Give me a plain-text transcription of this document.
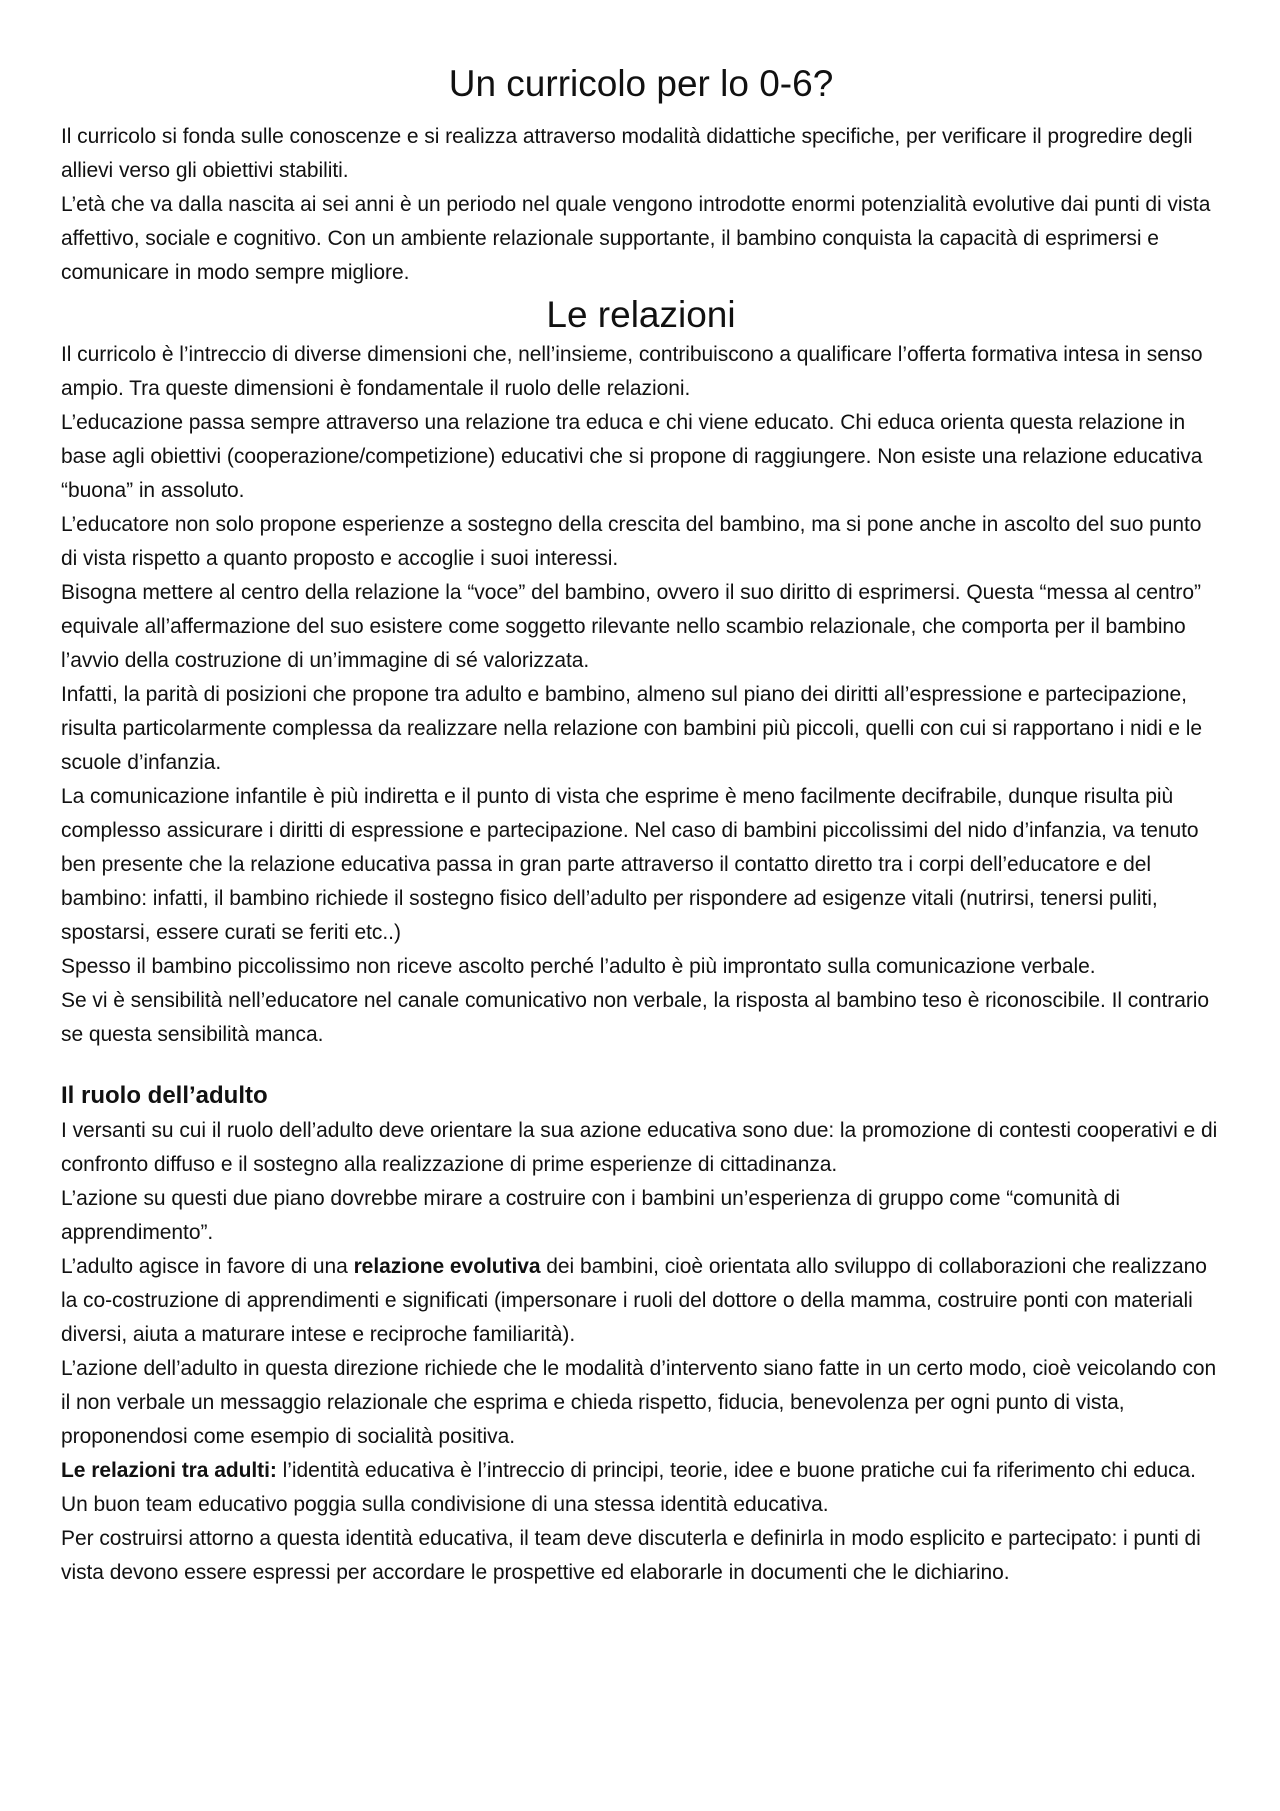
Un curricolo per lo 0-6?

Il curricolo si fonda sulle conoscenze e si realizza attraverso modalità didattiche specifiche, per verificare il progredire degli allievi verso gli obiettivi stabiliti.

L’età che va dalla nascita ai sei anni è un periodo nel quale vengono introdotte enormi potenzialità evolutive dai punti di vista affettivo, sociale e cognitivo. Con un ambiente relazionale supportante, il bambino conquista la capacità di esprimersi e comunicare in modo sempre migliore.

Le relazioni

Il curricolo è l’intreccio di diverse dimensioni che, nell’insieme, contribuiscono a qualificare l’offerta formativa intesa in senso ampio. Tra queste dimensioni è fondamentale il ruolo delle relazioni.

L’educazione passa sempre attraverso una relazione tra educa e chi viene educato. Chi educa orienta questa relazione in base agli obiettivi (cooperazione/competizione) educativi che si propone di raggiungere. Non esiste una relazione educativa “buona” in assoluto.

L’educatore non solo propone esperienze a sostegno della crescita del bambino, ma si pone anche in ascolto del suo punto di vista rispetto a quanto proposto e accoglie i suoi interessi.

Bisogna mettere al centro della relazione la “voce” del bambino, ovvero il suo diritto di esprimersi. Questa “messa al centro” equivale all’affermazione del suo esistere come soggetto rilevante nello scambio relazionale, che comporta per il bambino l’avvio della costruzione di un’immagine di sé valorizzata.

Infatti, la parità di posizioni che propone tra adulto e bambino, almeno sul piano dei diritti all’espressione e partecipazione, risulta particolarmente complessa da realizzare nella relazione con bambini più piccoli, quelli con cui si rapportano i nidi e le scuole d’infanzia.

La comunicazione infantile è più indiretta e il punto di vista che esprime è meno facilmente decifrabile, dunque risulta più complesso assicurare i diritti di espressione e partecipazione. Nel caso di bambini piccolissimi del nido d’infanzia, va tenuto ben presente che la relazione educativa passa in gran parte attraverso il contatto diretto tra i corpi dell’educatore e del bambino: infatti, il bambino richiede il sostegno fisico dell’adulto per rispondere ad esigenze vitali (nutrirsi, tenersi puliti, spostarsi, essere curati se feriti etc..)

Spesso il bambino piccolissimo non riceve ascolto perché l’adulto è più improntato sulla comunicazione verbale.

Se vi è sensibilità nell’educatore nel canale comunicativo non verbale, la risposta al bambino teso è riconoscibile. Il contrario se questa sensibilità manca.

Il ruolo dell’adulto

I versanti su cui il ruolo dell’adulto deve orientare la sua azione educativa sono due: la promozione di contesti cooperativi e di confronto diffuso e il sostegno alla realizzazione di prime esperienze di cittadinanza.

L’azione su questi due piano dovrebbe mirare a costruire con i bambini un’esperienza di gruppo come “comunità di apprendimento”.

L’adulto agisce in favore di una relazione evolutiva dei bambini, cioè orientata allo sviluppo di collaborazioni che realizzano la co-costruzione di apprendimenti e significati (impersonare i ruoli del dottore o della mamma, costruire ponti con materiali diversi, aiuta a maturare intese e reciproche familiarità).

L’azione dell’adulto in questa direzione richiede che le modalità d’intervento siano fatte in un certo modo, cioè veicolando con il non verbale un messaggio relazionale che esprima e chieda rispetto, fiducia, benevolenza per ogni punto di vista, proponendosi come esempio di socialità positiva.

Le relazioni tra adulti: l’identità educativa è l’intreccio di principi, teorie, idee e buone pratiche cui fa riferimento chi educa. Un buon team educativo poggia sulla condivisione di una stessa identità educativa.

Per costruirsi attorno a questa identità educativa, il team deve discuterla e definirla in modo esplicito e partecipato: i punti di vista devono essere espressi per accordare le prospettive ed elaborarle in documenti che le dichiarino.
